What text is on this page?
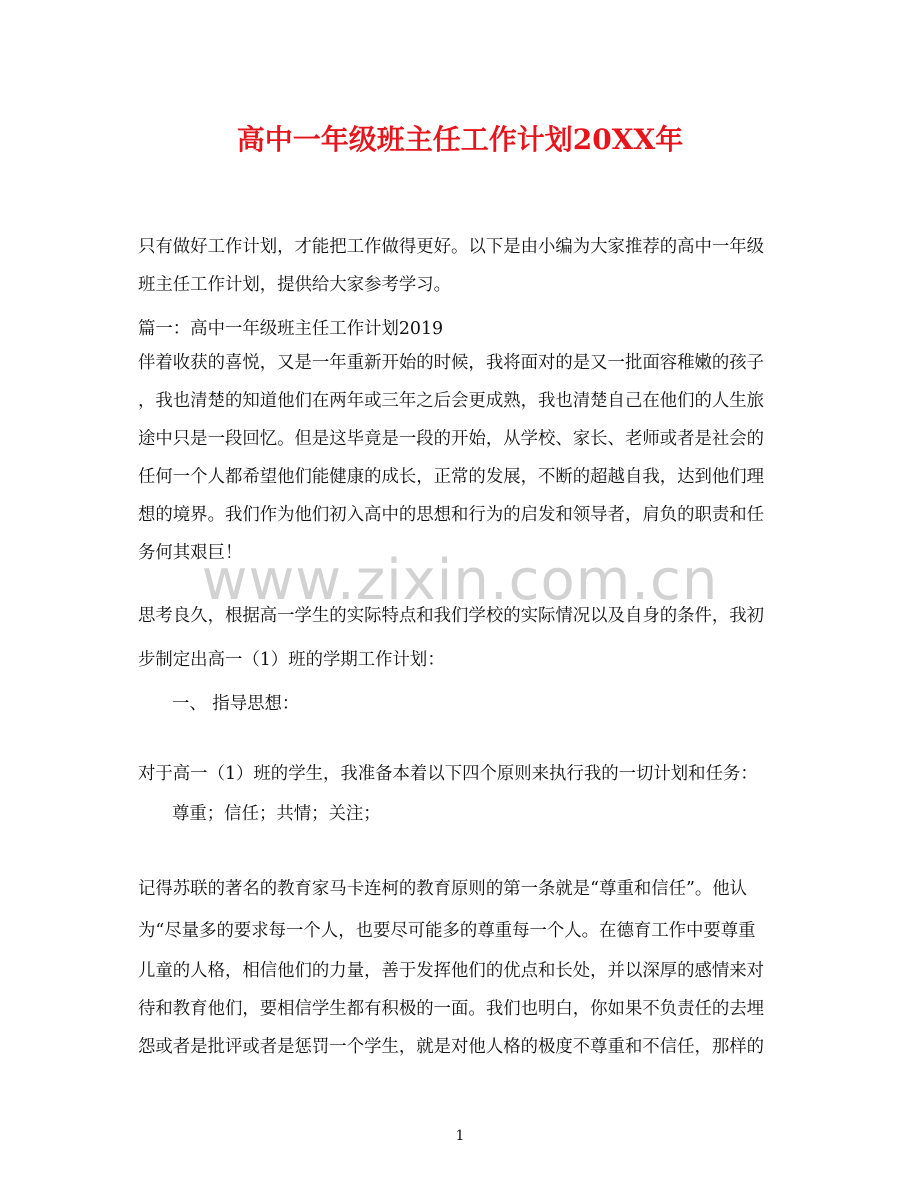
高中一年级班主任工作计划20XX年
www.zixin.com.cn
只有做好工作计划，才能把工作做得更好。以下是由小编为大家推荐的高中一年级
班主任工作计划，提供给大家参考学习。
篇一：高中一年级班主任工作计划2019
伴着收获的喜悦，又是一年重新开始的时候，我将面对的是又一批面容稚嫩的孩子
，我也清楚的知道他们在两年或三年之后会更成熟，我也清楚自己在他们的人生旅
途中只是一段回忆。但是这毕竟是一段的开始，从学校、家长、老师或者是社会的
任何一个人都希望他们能健康的成长，正常的发展，不断的超越自我，达到他们理
想的境界。我们作为他们初入高中的思想和行为的启发和领导者，肩负的职责和任
务何其艰巨！
思考良久，根据高一学生的实际特点和我们学校的实际情况以及自身的条件，我初
步制定出高一（1）班的学期工作计划：
一、 指导思想：
对于高一（1）班的学生，我准备本着以下四个原则来执行我的一切计划和任务：
尊重；信任；共情；关注；
记得苏联的著名的教育家马卡连柯的教育原则的第一条就是“尊重和信任”。他认
为“尽量多的要求每一个人，也要尽可能多的尊重每一个人。在德育工作中要尊重
儿童的人格，相信他们的力量，善于发挥他们的优点和长处，并以深厚的感情来对
待和教育他们，要相信学生都有积极的一面。我们也明白，你如果不负责任的去埋
怨或者是批评或者是惩罚一个学生，就是对他人格的极度不尊重和不信任，那样的
1
